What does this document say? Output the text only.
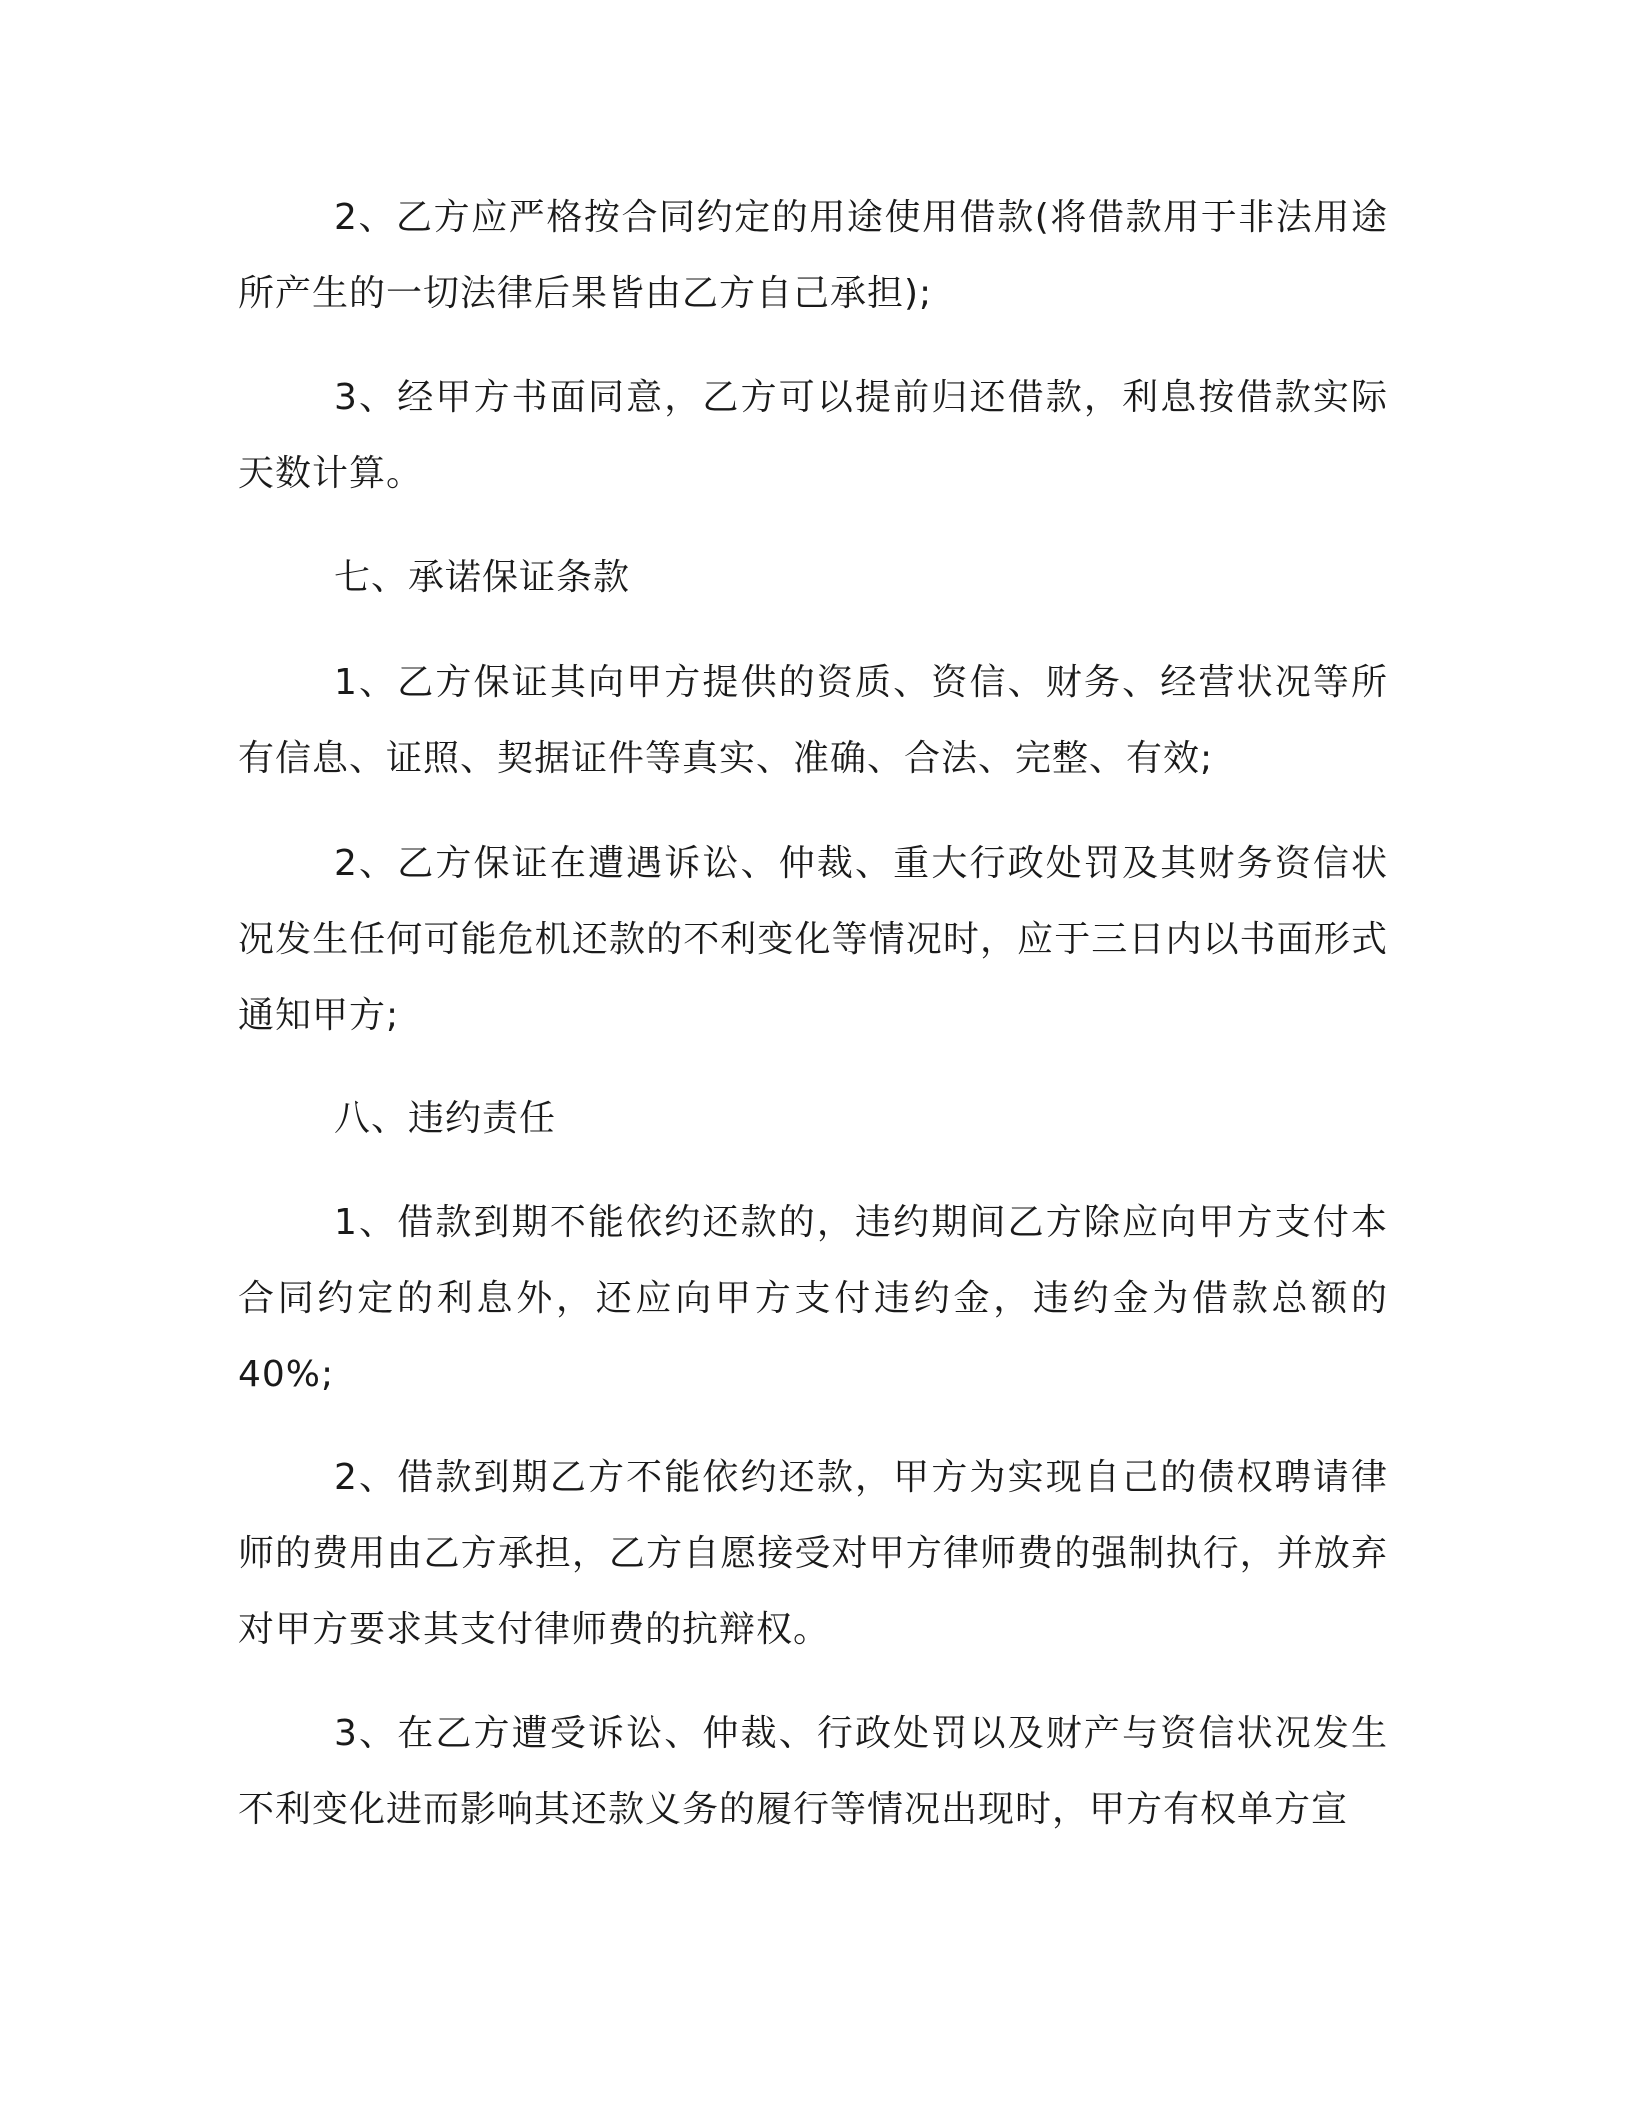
2、乙方应严格按合同约定的用途使用借款(将借款用于非法用途所产生的一切法律后果皆由乙方自己承担);

3、经甲方书面同意，乙方可以提前归还借款，利息按借款实际天数计算。

七、承诺保证条款

1、乙方保证其向甲方提供的资质、资信、财务、经营状况等所有信息、证照、契据证件等真实、准确、合法、完整、有效;

2、乙方保证在遭遇诉讼、仲裁、重大行政处罚及其财务资信状况发生任何可能危机还款的不利变化等情况时，应于三日内以书面形式通知甲方;

八、违约责任

1、借款到期不能依约还款的，违约期间乙方除应向甲方支付本合同约定的利息外，还应向甲方支付违约金，违约金为借款总额的40%;

2、借款到期乙方不能依约还款，甲方为实现自己的债权聘请律师的费用由乙方承担，乙方自愿接受对甲方律师费的强制执行，并放弃对甲方要求其支付律师费的抗辩权。

3、在乙方遭受诉讼、仲裁、行政处罚以及财产与资信状况发生不利变化进而影响其还款义务的履行等情况出现时，甲方有权单方宣
